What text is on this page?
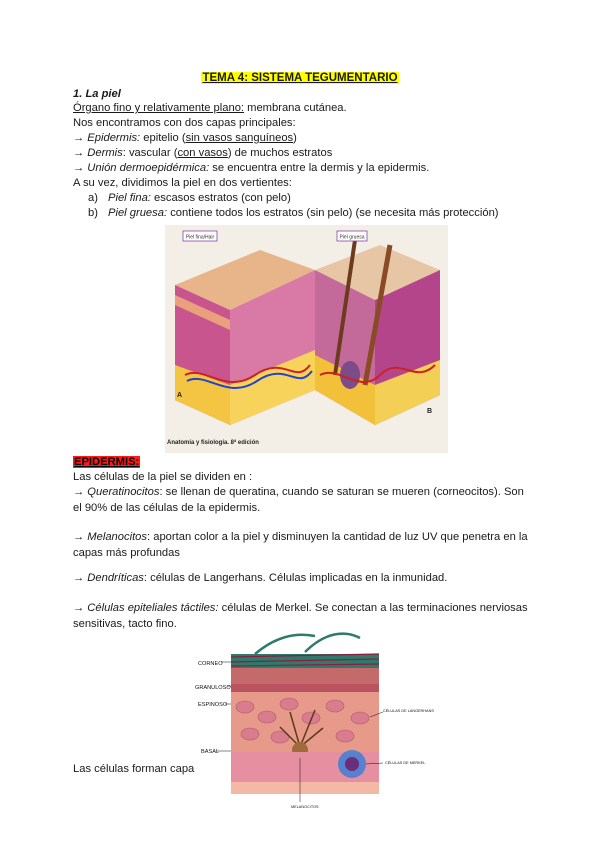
TEMA 4: SISTEMA TEGUMENTARIO
1. La piel
Órgano fino y relativamente plano: membrana cutánea.
Nos encontramos con dos capas principales:
→ Epidermis: epitelio (sin vasos sanguíneos)
→ Dermis: vascular (con vasos) de muchos estratos
→ Unión dermoepidérmica: se encuentra entre la dermis y la epidermis.
A su vez, dividimos la piel en dos vertientes:
a) Piel fina: escasos estratos (con pelo)
b) Piel gruesa: contiene todos los estratos (sin pelo) (se necesita más protección)
Piel fina/Hair	Piel gruesa
A
B
Anatomía y fisiología. 8ª edición
EPIDERMIS:
Las células de la piel se dividen en :
→ Queratinocitos: se llenan de queratina, cuando se saturan se mueren (corneocitos). Son el 90% de las células de la epidermis.
→ Melanocitos: aportan color a la piel y disminuyen la cantidad de luz UV que penetra en la capas más profundas
→ Dendríticas: células de Langerhans. Células implicadas en la inmunidad.
→ Células epiteliales táctiles: células de Merkel. Se conectan a las terminaciones nerviosas sensitivas, tacto fino.
Las células forman capa
CORNEO
GRANULOSO
ESPINOSO
BASAL
CÉLULAS DE LANGERHANS
CÉLULAS DE MERKEL
MELANOCITOS
